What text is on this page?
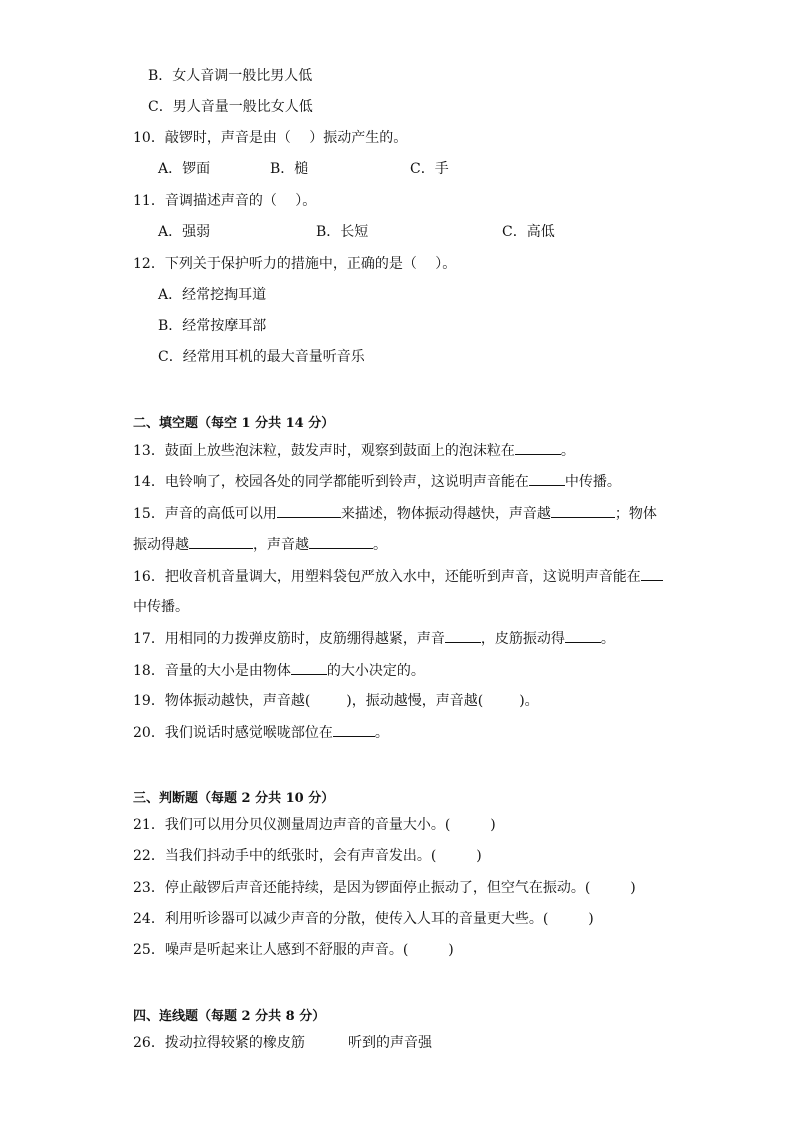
B．女人音调一般比男人低
C．男人音量一般比女人低
10．敲锣时，声音是由（　 ）振动产生的。
A．锣面	B．槌	C．手
11．音调描述声音的（　 ）。
A．强弱	B．长短	C．高低
12．下列关于保护听力的措施中，正确的是（　 ）。
A．经常挖掏耳道
B．经常按摩耳部
C．经常用耳机的最大音量听音乐
二、填空题（每空 1 分共 14 分）
13．鼓面上放些泡沫粒，鼓发声时，观察到鼓面上的泡沫粒在	。
14．电铃响了，校园各处的同学都能听到铃声，这说明声音能在	中传播。
15．声音的高低可以用	来描述，物体振动得越快，声音越	；物体
振动得越	，声音越	。
16．把收音机音量调大，用塑料袋包严放入水中，还能听到声音，这说明声音能在
中传播。
17．用相同的力拨弹皮筋时，皮筋绷得越紧，声音	，皮筋振动得	。
18．音量的大小是由物体	的大小决定的。
19．物体振动越快，声音越(	)，振动越慢，声音越(	)。
20．我们说话时感觉喉咙部位在	。
三、判断题（每题 2 分共 10 分）
21．我们可以用分贝仪测量周边声音的音量大小。(	)
22．当我们抖动手中的纸张时，会有声音发出。(	)
23．停止敲锣后声音还能持续，是因为锣面停止振动了，但空气在振动。(	)
24．利用听诊器可以减少声音的分散，使传入人耳的音量更大些。(	)
25．噪声是听起来让人感到不舒服的声音。(	)
四、连线题（每题 2 分共 8 分）
26．拨动拉得较紧的橡皮筋	听到的声音强
